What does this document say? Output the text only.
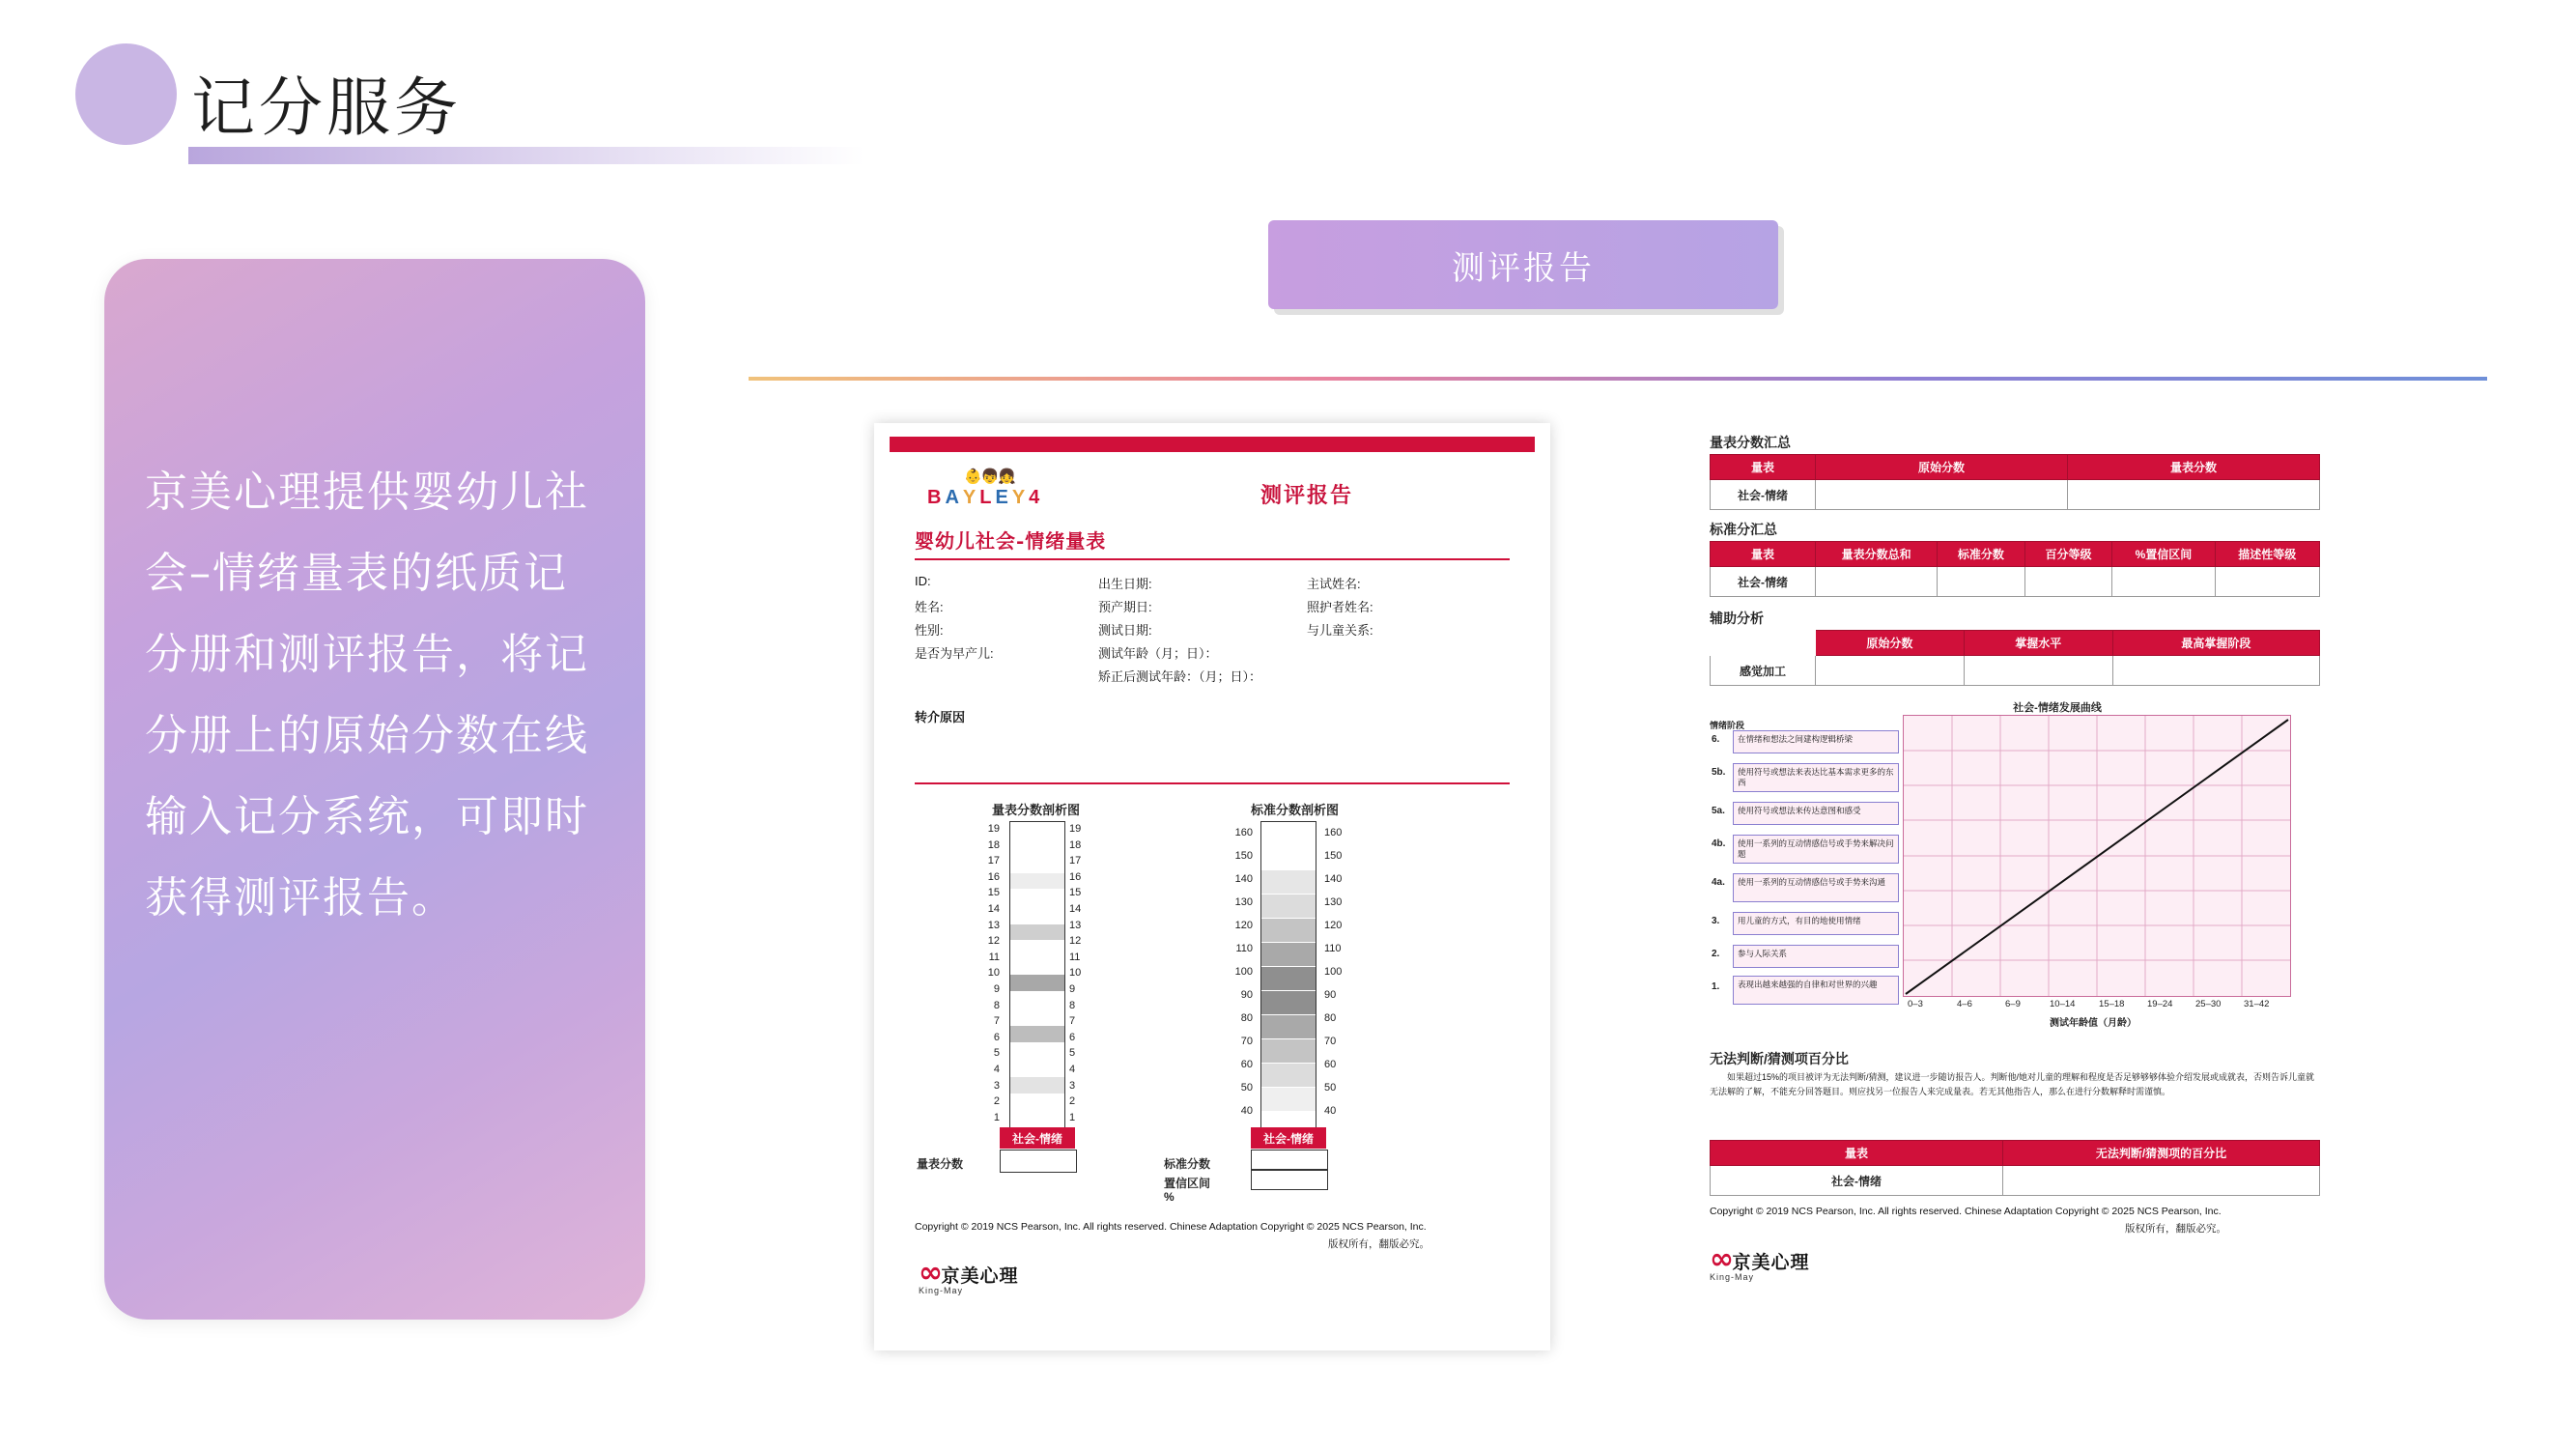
记分服务
京美心理提供婴幼儿社会–情绪量表的纸质记分册和测评报告，将记分册上的原始分数在线输入记分系统，可即时获得测评报告。
测评报告
👶👦👧
BAYLEY4	测评报告
婴幼儿社会-情绪量表
ID:
姓名:
性别:
是否为早产儿:
出生日期:
预产期日:
测试日期:
测试年龄（月；日）：
矫正后测试年龄：（月；日）：
主试姓名:
照护者姓名:
与儿童关系:
转介原因
量表分数剖析图
19
18
17
16
15
14
13
12
11
10
9
8
7
6
5
4
3
2
1
19
18
17
16
15
14
13
12
11
10
9
8
7
6
5
4
3
2
1
社会-情绪
量表分数
标准分数剖析图
160
150
140
130
120
110
100
90
80
70
60
50
40
160
150
140
130
120
110
100
90
80
70
60
50
40
社会-情绪
标准分数
置信区间
%
Copyright © 2019 NCS Pearson, Inc. All rights reserved. Chinese Adaptation Copyright © 2025 NCS Pearson, Inc.
版权所有，翻版必究。
∞ 京美心理
King-May
量表分数汇总
量表	原始分数	量表分数
社会-情绪		
标准分汇总
量表	量表分数总和	标准分数	百分等级	%置信区间	描述性等级
社会-情绪					
辅助分析
	原始分数	掌握水平	最高掌握阶段
感觉加工			
社会-情绪发展曲线
情绪阶段
6.	在情绪和想法之间建构逻辑桥梁
5b.	使用符号或想法来表达比基本需求更多的东西
5a.	使用符号或想法来传达意图和感受
4b.	使用一系列的互动情感信号或手势来解决问题
4a.	使用一系列的互动情感信号或手势来沟通
3.	用儿童的方式，有目的地使用情绪
2.	参与人际关系
1.	表现出越来越强的自律和对世界的兴趣
0–3	4–6	6–9	10–14	15–18 19–24 25–30 31–42
测试年龄值（月龄）
无法判断/猜测项百分比
如果超过15%的项目被评为无法判断/猜测，建议进一步随访报告人。判断他/她对儿童的理解和程度是否足够够够体验介绍发展或成就表，否则告诉儿童就无法解的了解，不能充分回答题目。则应找另一位报告人来完成量表。若无其他指告人，那么在进行分数解释时需谨慎。
量表	无法判断/猜测项的百分比
社会-情绪	
Copyright © 2019 NCS Pearson, Inc. All rights reserved. Chinese Adaptation Copyright © 2025 NCS Pearson, Inc.
版权所有，翻版必究。
∞ 京美心理
King-May
